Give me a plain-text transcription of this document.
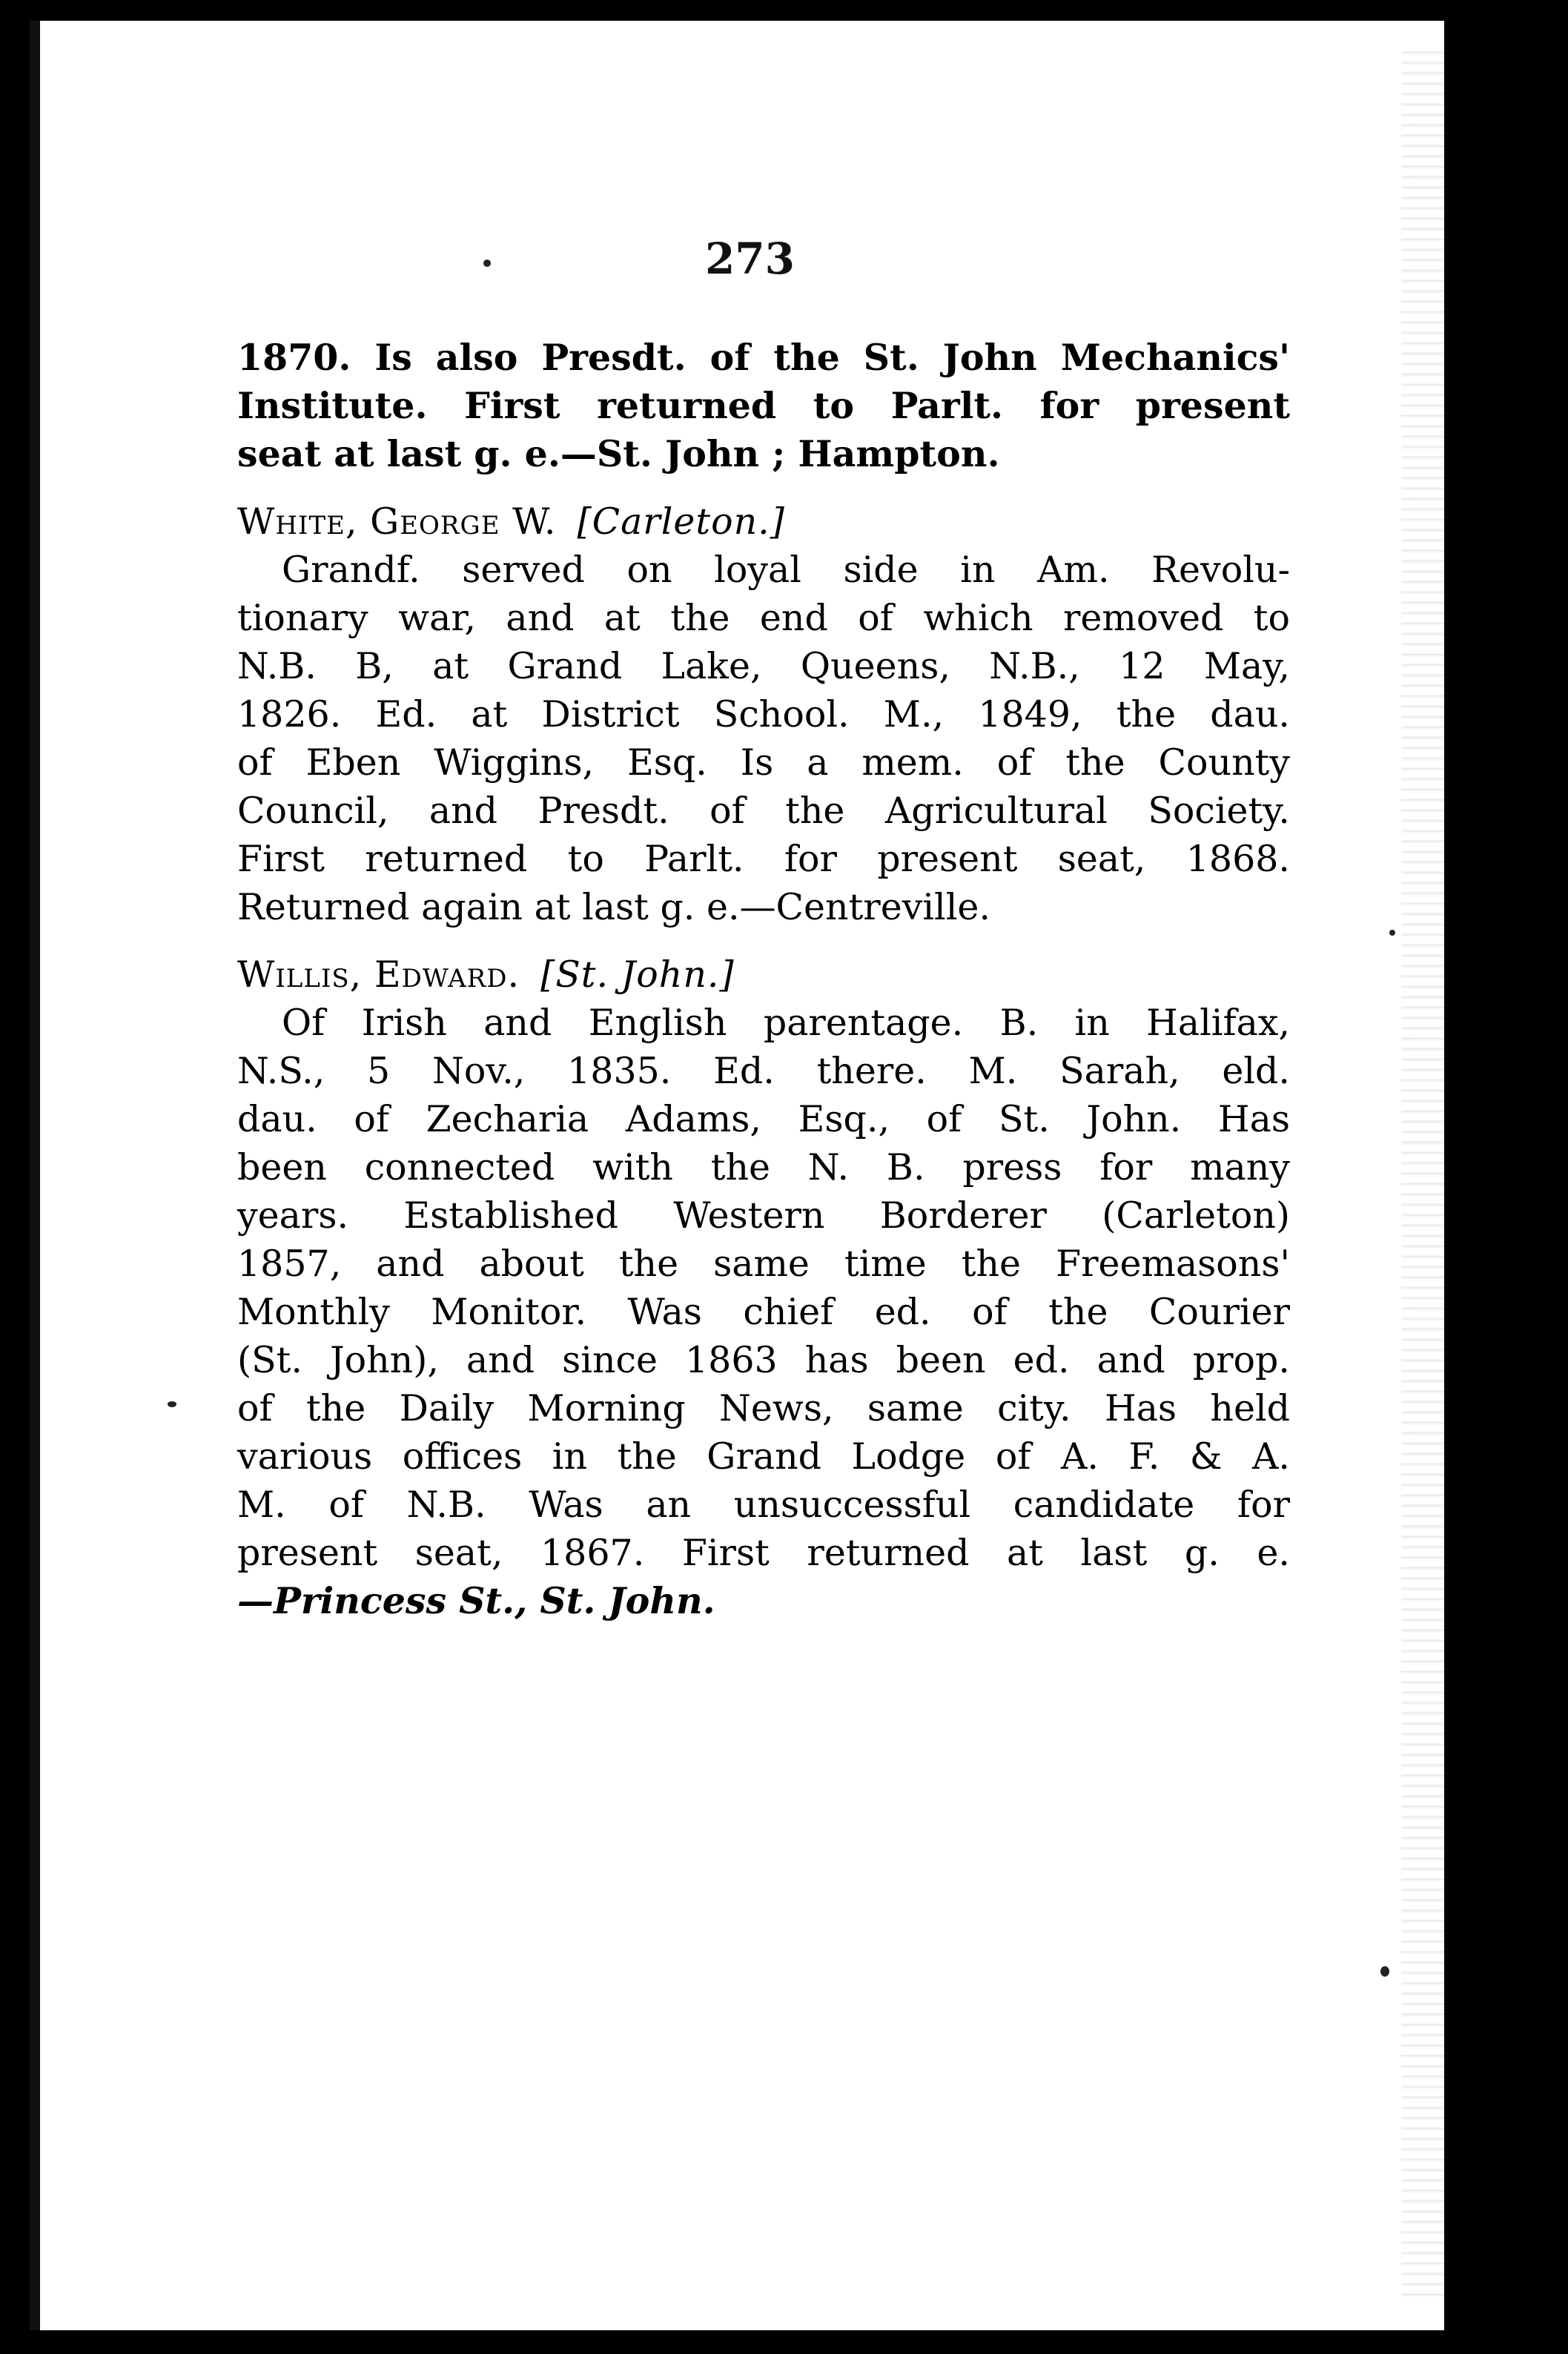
273
1870. Is also Presdt. of the St. John Mechanics'
Institute. First returned to Parlt. for present
seat at last g. e.—St. John ; Hampton.
White, George W. [Carleton.]
Grandf. served on loyal side in Am. Revolu-
tionary war, and at the end of which removed to
N.B. B, at Grand Lake, Queens, N.B., 12 May,
1826. Ed. at District School. M., 1849, the dau.
of Eben Wiggins, Esq. Is a mem. of the County
Council, and Presdt. of the Agricultural Society.
First returned to Parlt. for present seat, 1868.
Returned again at last g. e.—Centreville.
Willis, Edward. [St. John.]
Of Irish and English parentage. B. in Halifax,
N.S., 5 Nov., 1835. Ed. there. M. Sarah, eld.
dau. of Zecharia Adams, Esq., of St. John. Has
been connected with the N. B. press for many
years. Established Western Borderer (Carleton)
1857, and about the same time the Freemasons'
Monthly Monitor. Was chief ed. of the Courier
(St. John), and since 1863 has been ed. and prop.
of the Daily Morning News, same city. Has held
various offices in the Grand Lodge of A. F. & A.
M. of N.B. Was an unsuccessful candidate for
present seat, 1867. First returned at last g. e.
—Princess St., St. John.
